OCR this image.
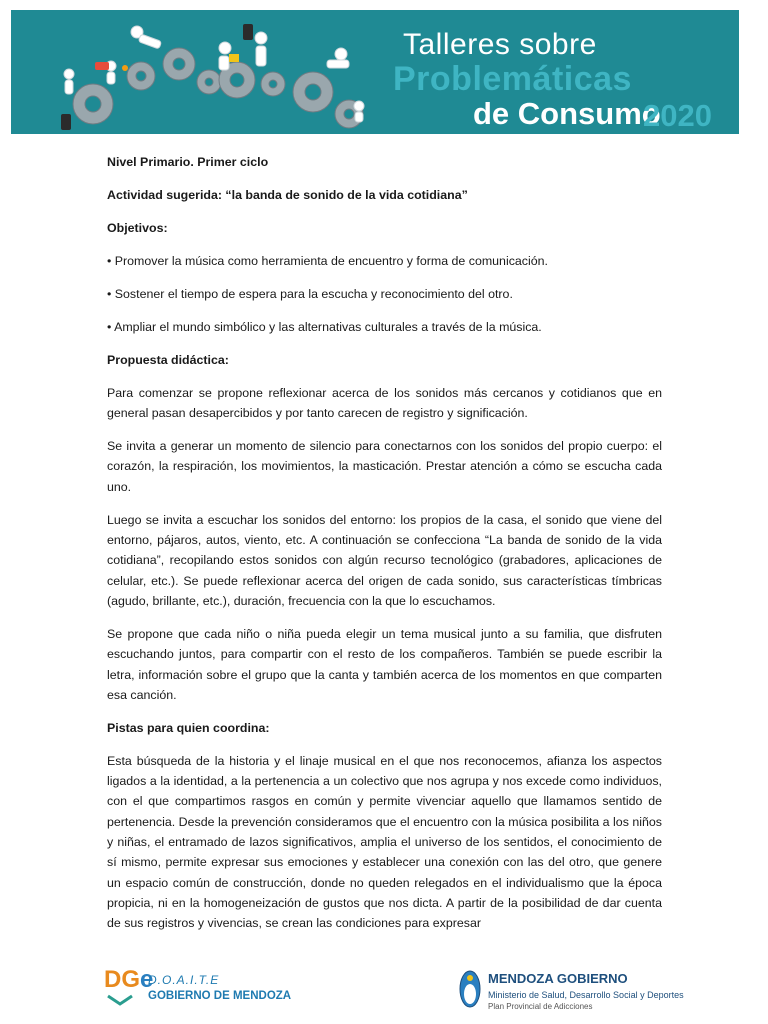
Talleres sobre
Problemáticas
de Consumo
2020

Nivel Primario. Primer ciclo

Actividad sugerida: “la banda de sonido de la vida cotidiana”

Objetivos:

• Promover la música como herramienta de encuentro y forma de comunicación.

• Sostener el tiempo de espera para la escucha y reconocimiento del otro.

• Ampliar el mundo simbólico y las alternativas culturales a través de la música.

Propuesta didáctica:

Para comenzar se propone reflexionar acerca de los sonidos más cercanos y cotidianos que en general pasan desapercibidos y por tanto carecen de registro y significación.

Se invita a generar un momento de silencio para conectarnos con los sonidos del propio cuerpo: el corazón, la respiración, los movimientos, la masticación. Prestar atención a cómo se escucha cada uno.

Luego se invita a escuchar los sonidos del entorno: los propios de la casa, el sonido que viene del entorno, pájaros, autos, viento, etc. A continuación se confecciona “La banda de sonido de la vida cotidiana”, recopilando estos sonidos con algún recurso tecnológico (grabadores, aplicaciones de celular, etc.). Se puede reflexionar acerca del origen de cada sonido, sus características tímbricas (agudo, brillante, etc.), duración, frecuencia con la que lo escuchamos.

Se propone que cada niño o niña pueda elegir un tema musical junto a su familia, que disfruten escuchando juntos, para compartir con el resto de los compañeros. También se puede escribir la letra, información sobre el grupo que la canta y también acerca de los momentos en que comparten esa canción.

Pistas para quien coordina:

Esta búsqueda de la historia y el linaje musical en el que nos reconocemos, afianza los aspectos ligados a la identidad, a la pertenencia a un colectivo que nos agrupa y nos excede como individuos, con el que compartimos rasgos en común y permite vivenciar aquello que llamamos sentido de pertenencia. Desde la prevención consideramos que el encuentro con la música posibilita a los niños y niñas, el entramado de lazos significativos, amplia el universo de los sentidos, el conocimiento de sí mismo, permite expresar sus emociones y establecer una conexión con las del otro, que genere un espacio común de construcción, donde no queden relegados en el individualismo que la época propicia, ni en la homogeneización de gustos que nos dicta. A partir de la posibilidad de dar cuenta de sus registros y vivencias, se crean las condiciones para expresar

DGe
D.O.A.I.T.E
GOBIERNO DE MENDOZA
MENDOZA GOBIERNO
Ministerio de Salud, Desarrollo Social y Deportes
Plan Provincial de Adicciones
